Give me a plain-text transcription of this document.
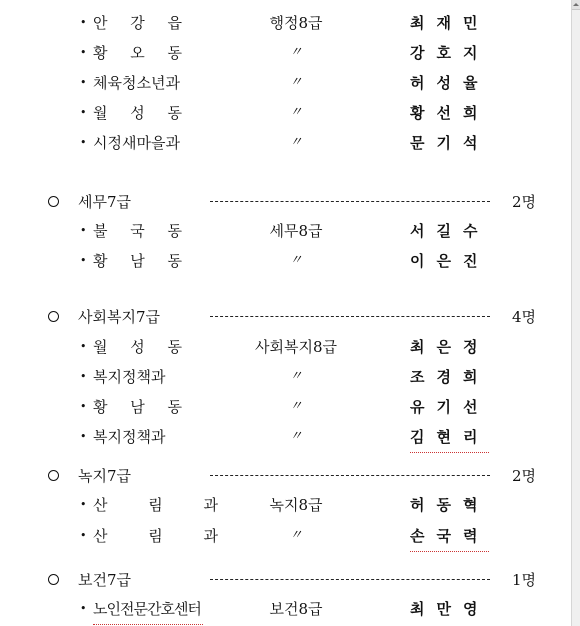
• 안 강 읍	행정8급	최재민
• 황 오 동	〃	강호지
• 체육청소년과	〃	허성율
• 월 성 동	〃	황선희
• 시정새마을과	〃	문기석
세무7급	2명
• 불 국 동	세무8급	서길수
• 황 남 동	〃	이은진
사회복지7급	4명
• 월 성 동	사회복지8급	최은정
• 복지정책과	〃	조경희
• 황 남 동	〃	유기선
• 복지정책과	〃	김현리
녹지7급	2명
• 산 림 과	녹지8급	허동혁
• 산 림 과	〃	손국력
보건7급	1명
• 노인전문간호센터	보건8급	최만영
